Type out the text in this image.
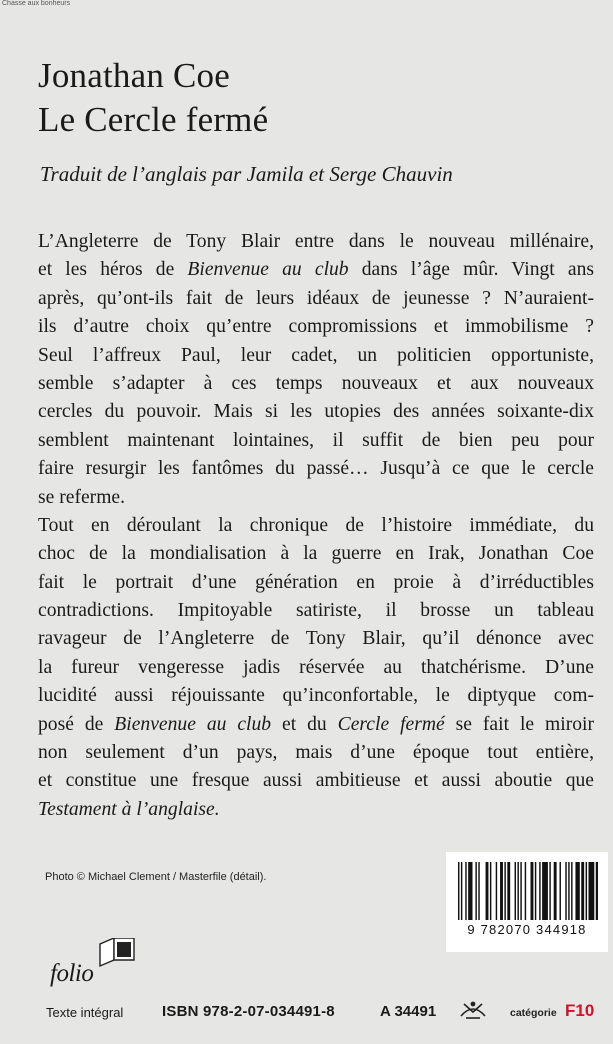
Chasse aux bonheurs
Jonathan Coe
Le Cercle fermé
Traduit de l’anglais par Jamila et Serge Chauvin
L’Angleterre de Tony Blair entre dans le nouveau millénaire,
et les héros de Bienvenue au club dans l’âge mûr. Vingt ans
après, qu’ont-ils fait de leurs idéaux de jeunesse ? N’auraient-
ils d’autre choix qu’entre compromissions et immobilisme ?
Seul l’affreux Paul, leur cadet, un politicien opportuniste,
semble s’adapter à ces temps nouveaux et aux nouveaux
cercles du pouvoir. Mais si les utopies des années soixante-dix
semblent maintenant lointaines, il suffit de bien peu pour
faire resurgir les fantômes du passé… Jusqu’à ce que le cercle
se referme.
Tout en déroulant la chronique de l’histoire immédiate, du
choc de la mondialisation à la guerre en Irak, Jonathan Coe
fait le portrait d’une génération en proie à d’irréductibles
contradictions. Impitoyable satiriste, il brosse un tableau
ravageur de l’Angleterre de Tony Blair, qu’il dénonce avec
la fureur vengeresse jadis réservée au thatchérisme. D’une
lucidité aussi réjouissante qu’inconfortable, le diptyque com-
posé de Bienvenue au club et du Cercle fermé se fait le miroir
non seulement d’un pays, mais d’une époque tout entière,
et constitue une fresque aussi ambitieuse et aussi aboutie que
Testament à l’anglaise.
Photo © Michael Clement / Masterfile (détail).
9 782070 344918
folio
Texte intégral	ISBN 978-2-07-034491-8	A 34491	catégorie F10
